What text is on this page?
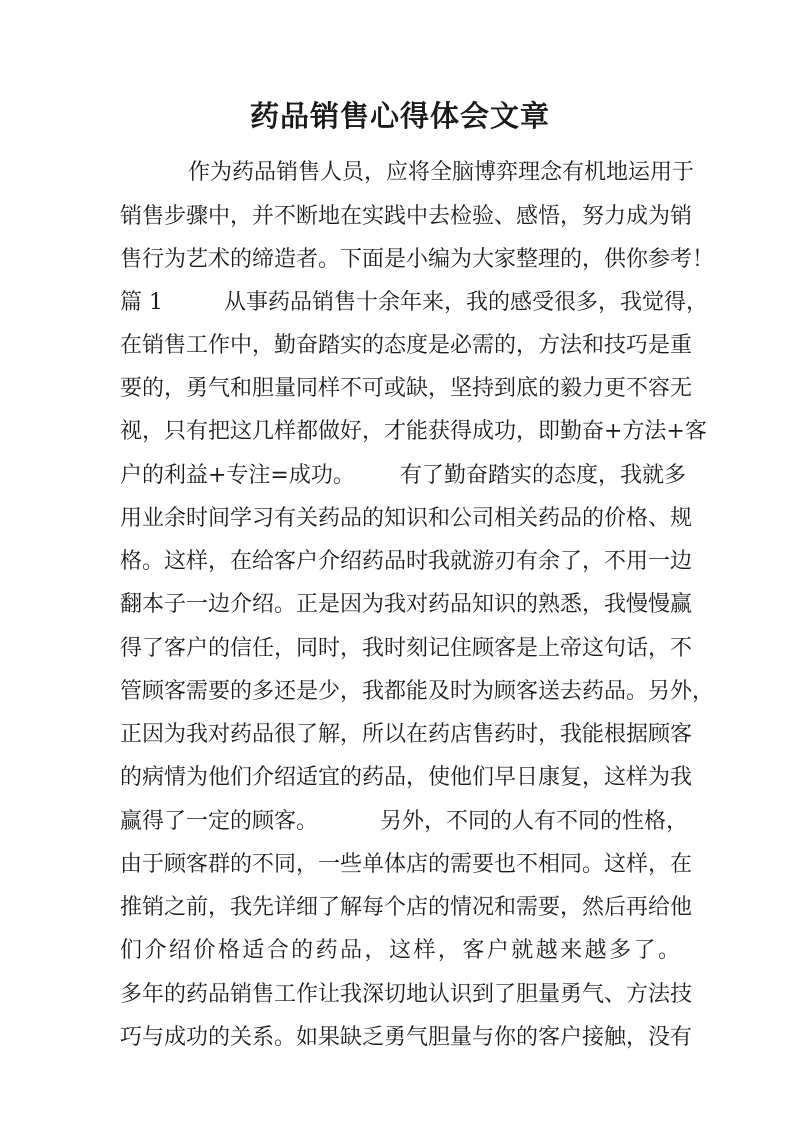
药品销售心得体会文章

作为药品销售人员，应将全脑博弈理念有机地运用于

销售步骤中，并不断地在实践中去检验、感悟，努力成为销

售行为艺术的缔造者。下面是小编为大家整理的，供你参考！

篇 1	从事药品销售十余年来，我的感受很多，我觉得，

在销售工作中，勤奋踏实的态度是必需的，方法和技巧是重

要的，勇气和胆量同样不可或缺，坚持到底的毅力更不容无

视，只有把这几样都做好，才能获得成功，即勤奋+方法+客

户的利益+专注=成功。 有了勤奋踏实的态度，我就多

用业余时间学习有关药品的知识和公司相关药品的价格、规

格。这样，在给客户介绍药品时我就游刃有余了，不用一边

翻本子一边介绍。正是因为我对药品知识的熟悉，我慢慢赢

得了客户的信任，同时，我时刻记住顾客是上帝这句话，不

管顾客需要的多还是少，我都能及时为顾客送去药品。另外，

正因为我对药品很了解，所以在药店售药时，我能根据顾客

的病情为他们介绍适宜的药品，使他们早日康复，这样为我

赢得了一定的顾客。	另外，不同的人有不同的性格，

由于顾客群的不同，一些单体店的需要也不相同。这样，在

推销之前，我先详细了解每个店的情况和需要，然后再给他

们介绍价格适合的药品，这样，客户就越来越多了。

多年的药品销售工作让我深切地认识到了胆量勇气、方法技

巧与成功的关系。如果缺乏勇气胆量与你的客户接触，没有
